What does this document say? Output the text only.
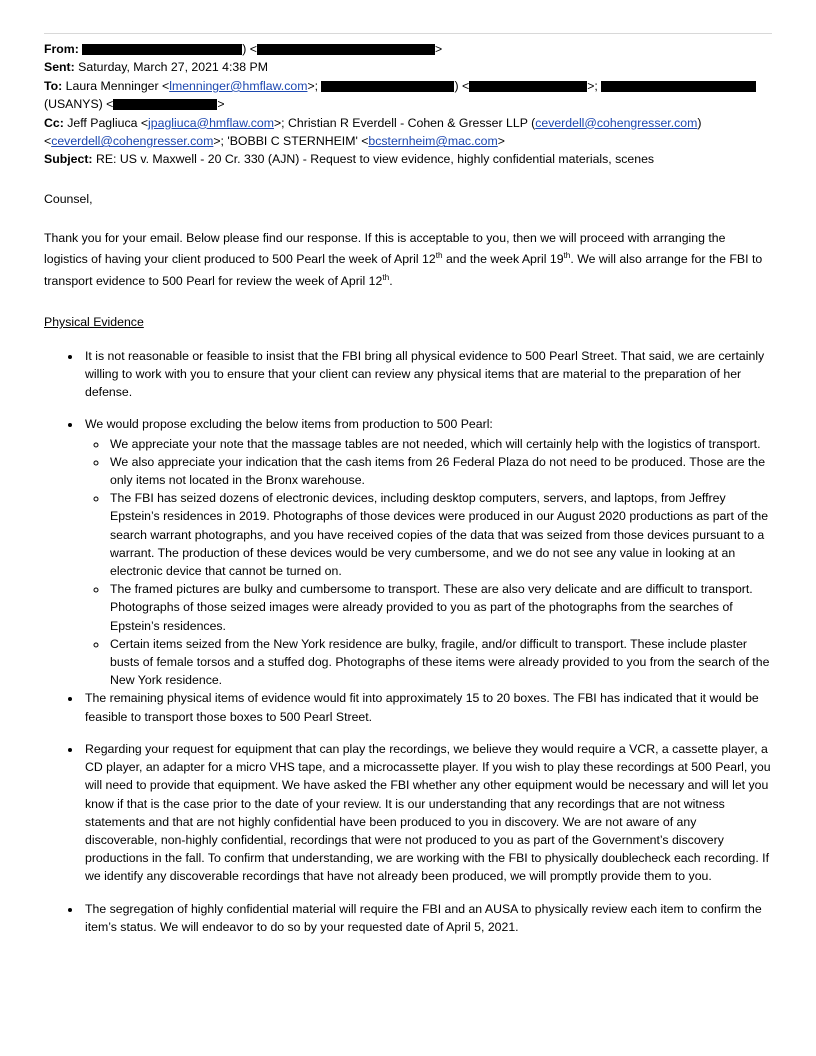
From:	) <	>
Sent: Saturday, March 27, 2021 4:38 PM
To: Laura Menninger <lmenninger@hmflaw.com>;	) <	>;
(USANYS) <	>
Cc: Jeff Pagliuca <jpagliuca@hmflaw.com>; Christian R Everdell - Cohen & Gresser LLP (ceverdell@cohengresser.com)
<ceverdell@cohengresser.com>; 'BOBBI C STERNHEIM' <bcsternheim@mac.com>
Subject: RE: US v. Maxwell - 20 Cr. 330 (AJN) - Request to view evidence, highly confidential materials, scenes
Counsel,
Thank you for your email. Below please find our response. If this is acceptable to you, then we will proceed with arranging the logistics of having your client produced to 500 Pearl the week of April 12th and the week April 19th. We will also arrange for the FBI to transport evidence to 500 Pearl for review the week of April 12th.
Physical Evidence
• It is not reasonable or feasible to insist that the FBI bring all physical evidence to 500 Pearl Street. That said, we are certainly willing to work with you to ensure that your client can review any physical items that are material to the preparation of her defense.
• We would propose excluding the below items from production to 500 Pearl:
◦ We appreciate your note that the massage tables are not needed, which will certainly help with the logistics of transport.
◦ We also appreciate your indication that the cash items from 26 Federal Plaza do not need to be produced. Those are the only items not located in the Bronx warehouse.
◦ The FBI has seized dozens of electronic devices, including desktop computers, servers, and laptops, from Jeffrey Epstein’s residences in 2019. Photographs of those devices were produced in our August 2020 productions as part of the search warrant photographs, and you have received copies of the data that was seized from those devices pursuant to a warrant. The production of these devices would be very cumbersome, and we do not see any value in looking at an electronic device that cannot be turned on.
◦ The framed pictures are bulky and cumbersome to transport. These are also very delicate and are difficult to transport. Photographs of those seized images were already provided to you as part of the photographs from the searches of Epstein’s residences.
◦ Certain items seized from the New York residence are bulky, fragile, and/or difficult to transport. These include plaster busts of female torsos and a stuffed dog. Photographs of these items were already provided to you from the search of the New York residence.
• The remaining physical items of evidence would fit into approximately 15 to 20 boxes. The FBI has indicated that it would be feasible to transport those boxes to 500 Pearl Street.
• Regarding your request for equipment that can play the recordings, we believe they would require a VCR, a cassette player, a CD player, an adapter for a micro VHS tape, and a microcassette player. If you wish to play these recordings at 500 Pearl, you will need to provide that equipment. We have asked the FBI whether any other equipment would be necessary and will let you know if that is the case prior to the date of your review. It is our understanding that any recordings that are not witness statements and that are not highly confidential have been produced to you in discovery. We are not aware of any discoverable, non-highly confidential, recordings that were not produced to you as part of the Government’s discovery productions in the fall. To confirm that understanding, we are working with the FBI to physically doublecheck each recording. If we identify any discoverable recordings that have not already been produced, we will promptly provide them to you.
• The segregation of highly confidential material will require the FBI and an AUSA to physically review each item to confirm the item’s status. We will endeavor to do so by your requested date of April 5, 2021.
